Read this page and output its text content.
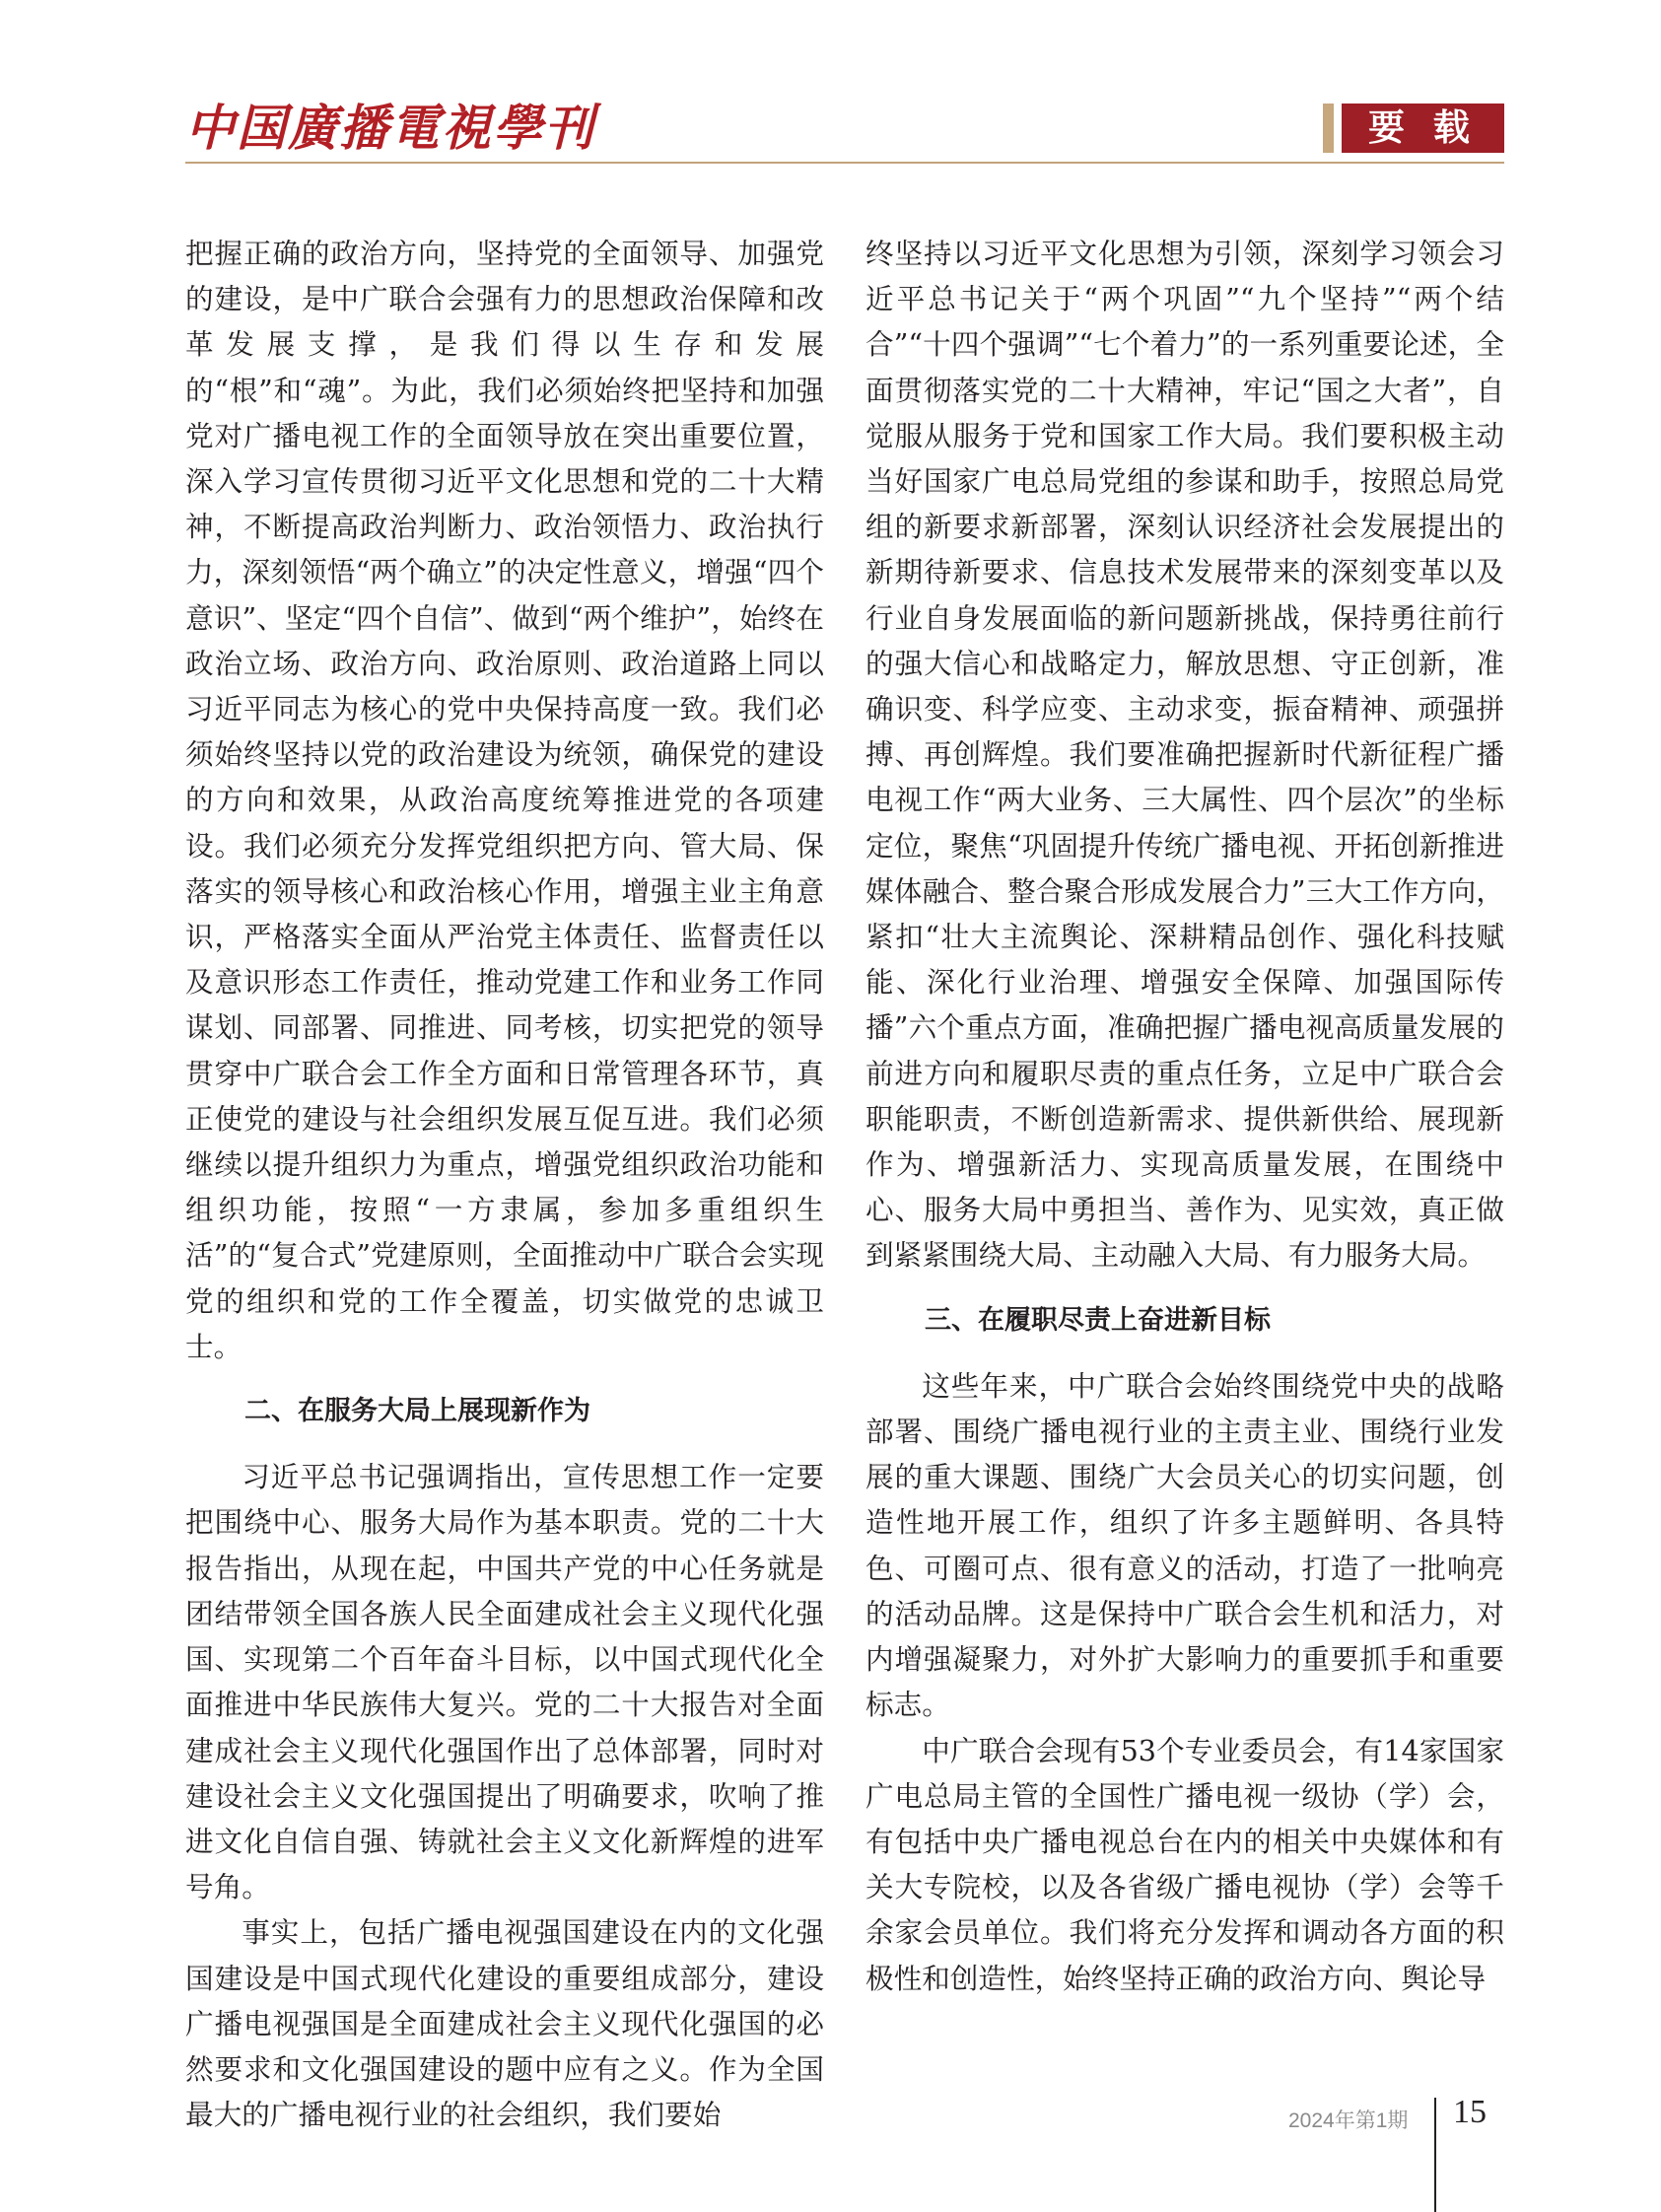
中国廣播電視學刊	要 载

把握正确的政治方向，坚持党的全面领导、加强党的建设，是中广联合会强有力的思想政治保障和改革发展支撑，是我们得以生存和发展的“根”和“魂”。为此，我们必须始终把坚持和加强党对广播电视工作的全面领导放在突出重要位置，深入学习宣传贯彻习近平文化思想和党的二十大精神，不断提高政治判断力、政治领悟力、政治执行力，深刻领悟“两个确立”的决定性意义，增强“四个意识”、坚定“四个自信”、做到“两个维护”，始终在政治立场、政治方向、政治原则、政治道路上同以习近平同志为核心的党中央保持高度一致。我们必须始终坚持以党的政治建设为统领，确保党的建设的方向和效果，从政治高度统筹推进党的各项建设。我们必须充分发挥党组织把方向、管大局、保落实的领导核心和政治核心作用，增强主业主角意识，严格落实全面从严治党主体责任、监督责任以及意识形态工作责任，推动党建工作和业务工作同谋划、同部署、同推进、同考核，切实把党的领导贯穿中广联合会工作全方面和日常管理各环节，真正使党的建设与社会组织发展互促互进。我们必须继续以提升组织力为重点，增强党组织政治功能和组织功能，按照“一方隶属，参加多重组织生活”的“复合式”党建原则，全面推动中广联合会实现党的组织和党的工作全覆盖，切实做党的忠诚卫士。

二、在服务大局上展现新作为

习近平总书记强调指出，宣传思想工作一定要把围绕中心、服务大局作为基本职责。党的二十大报告指出，从现在起，中国共产党的中心任务就是团结带领全国各族人民全面建成社会主义现代化强国、实现第二个百年奋斗目标，以中国式现代化全面推进中华民族伟大复兴。党的二十大报告对全面建成社会主义现代化强国作出了总体部署，同时对建设社会主义文化强国提出了明确要求，吹响了推进文化自信自强、铸就社会主义文化新辉煌的进军号角。

事实上，包括广播电视强国建设在内的文化强国建设是中国式现代化建设的重要组成部分，建设广播电视强国是全面建成社会主义现代化强国的必然要求和文化强国建设的题中应有之义。作为全国最大的广播电视行业的社会组织，我们要始

终坚持以习近平文化思想为引领，深刻学习领会习近平总书记关于“两个巩固”“九个坚持”“两个结合”“十四个强调”“七个着力”的一系列重要论述，全面贯彻落实党的二十大精神，牢记“国之大者”，自觉服从服务于党和国家工作大局。我们要积极主动当好国家广电总局党组的参谋和助手，按照总局党组的新要求新部署，深刻认识经济社会发展提出的新期待新要求、信息技术发展带来的深刻变革以及行业自身发展面临的新问题新挑战，保持勇往前行的强大信心和战略定力，解放思想、守正创新，准确识变、科学应变、主动求变，振奋精神、顽强拼搏、再创辉煌。我们要准确把握新时代新征程广播电视工作“两大业务、三大属性、四个层次”的坐标定位，聚焦“巩固提升传统广播电视、开拓创新推进媒体融合、整合聚合形成发展合力”三大工作方向，紧扣“壮大主流舆论、深耕精品创作、强化科技赋能、深化行业治理、增强安全保障、加强国际传播”六个重点方面，准确把握广播电视高质量发展的前进方向和履职尽责的重点任务，立足中广联合会职能职责，不断创造新需求、提供新供给、展现新作为、增强新活力、实现高质量发展，在围绕中心、服务大局中勇担当、善作为、见实效，真正做到紧紧围绕大局、主动融入大局、有力服务大局。

三、在履职尽责上奋进新目标

这些年来，中广联合会始终围绕党中央的战略部署、围绕广播电视行业的主责主业、围绕行业发展的重大课题、围绕广大会员关心的切实问题，创造性地开展工作，组织了许多主题鲜明、各具特色、可圈可点、很有意义的活动，打造了一批响亮的活动品牌。这是保持中广联合会生机和活力，对内增强凝聚力，对外扩大影响力的重要抓手和重要标志。

中广联合会现有53个专业委员会，有14家国家广电总局主管的全国性广播电视一级协（学）会，有包括中央广播电视总台在内的相关中央媒体和有关大专院校，以及各省级广播电视协（学）会等千余家会员单位。我们将充分发挥和调动各方面的积极性和创造性，始终坚持正确的政治方向、舆论导

2024年第1期 15
